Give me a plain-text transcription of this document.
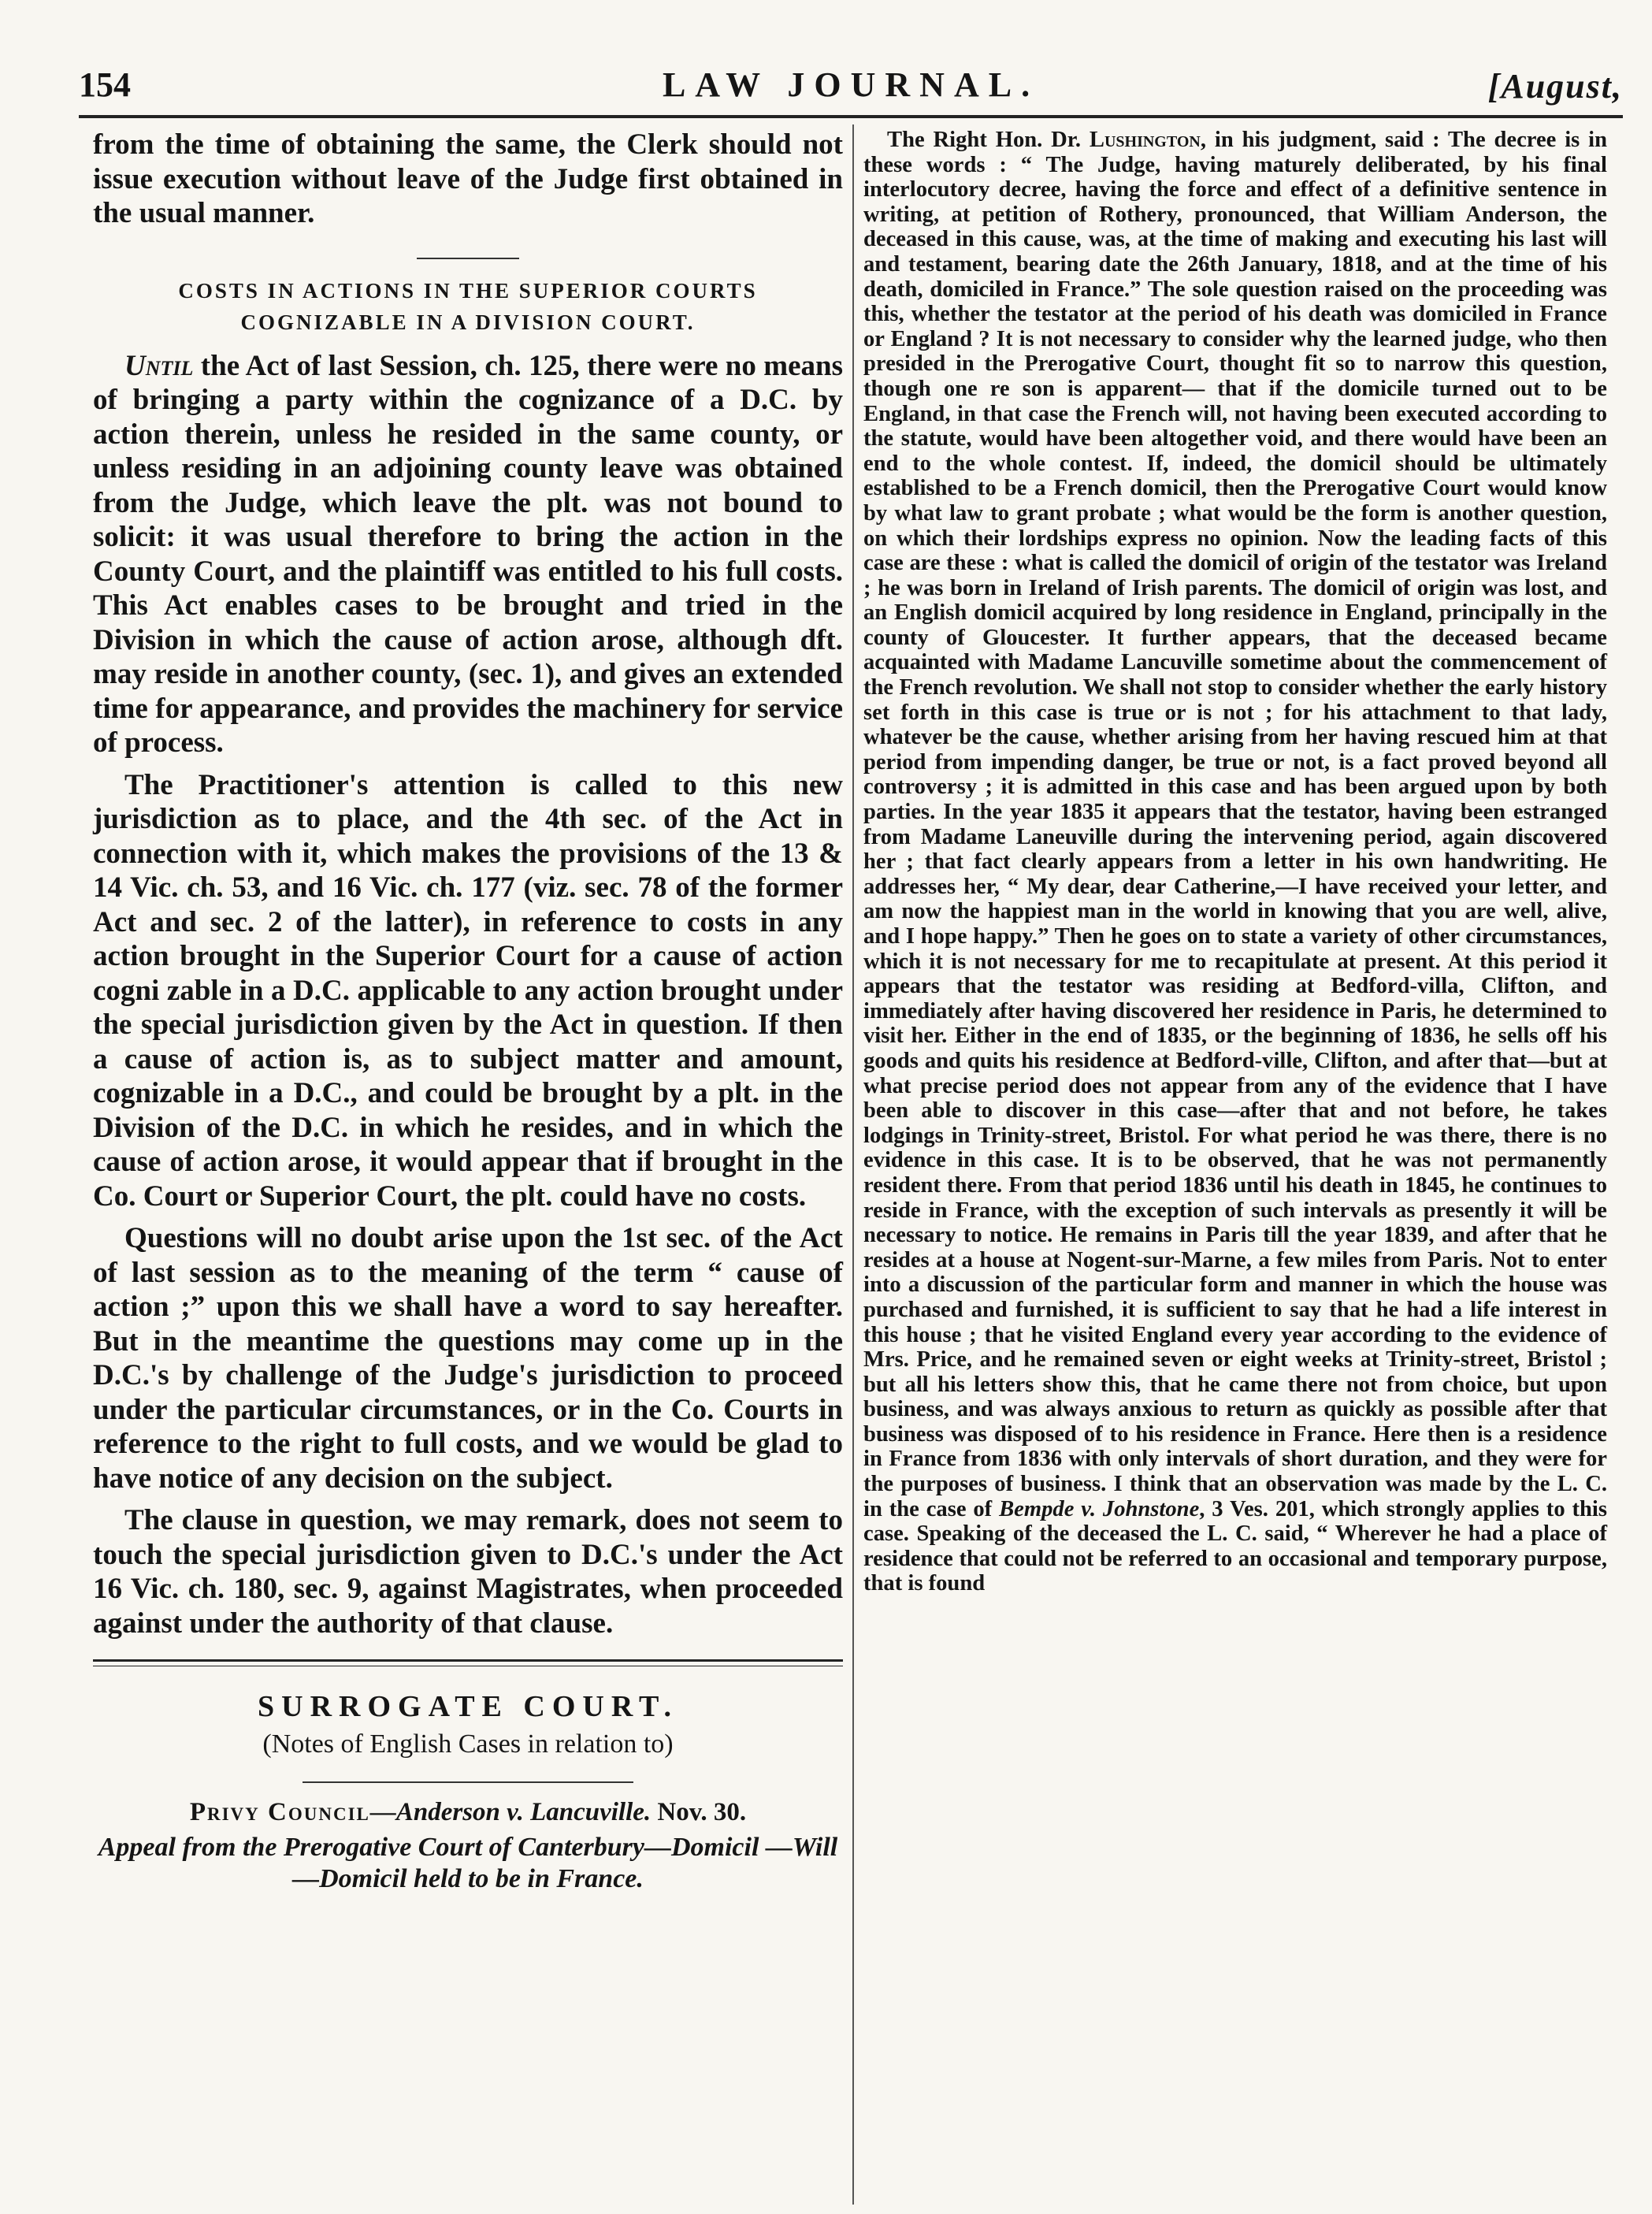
154	LAW JOURNAL.	[August,

from the time of obtaining the same, the Clerk should not issue execution without leave of the Judge first obtained in the usual manner.

COSTS IN ACTIONS IN THE SUPERIOR COURTS
COGNIZABLE IN A DIVISION COURT.

Until the Act of last Session, ch. 125, there were no means of bringing a party within the cognizance of a D.C. by action therein, unless he resided in the same county, or unless residing in an adjoining county leave was obtained from the Judge, which leave the plt. was not bound to solicit: it was usual therefore to bring the action in the County Court, and the plaintiff was entitled to his full costs. This Act enables cases to be brought and tried in the Division in which the cause of action arose, although dft. may reside in another county, (sec. 1), and gives an extended time for appearance, and provides the machinery for service of process.

The Practitioner's attention is called to this new jurisdiction as to place, and the 4th sec. of the Act in connection with it, which makes the provisions of the 13 & 14 Vic. ch. 53, and 16 Vic. ch. 177 (viz. sec. 78 of the former Act and sec. 2 of the latter), in reference to costs in any action brought in the Superior Court for a cause of action cogni zable in a D.C. applicable to any action brought under the special jurisdiction given by the Act in question. If then a cause of action is, as to subject matter and amount, cognizable in a D.C., and could be brought by a plt. in the Division of the D.C. in which he resides, and in which the cause of action arose, it would appear that if brought in the Co. Court or Superior Court, the plt. could have no costs.

Questions will no doubt arise upon the 1st sec. of the Act of last session as to the meaning of the term “ cause of action ;” upon this we shall have a word to say hereafter. But in the meantime the questions may come up in the D.C.'s by challenge of the Judge's jurisdiction to proceed under the particular circumstances, or in the Co. Courts in reference to the right to full costs, and we would be glad to have notice of any decision on the subject.

The clause in question, we may remark, does not seem to touch the special jurisdiction given to D.C.'s under the Act 16 Vic. ch. 180, sec. 9, against Magistrates, when proceeded against under the authority of that clause.

SURROGATE COURT.
(Notes of English Cases in relation to)
Privy Council—Anderson v. Lancuville. Nov. 30.
Appeal from the Prerogative Court of Canterbury—Domicil —Will—Domicil held to be in France.

The Right Hon. Dr. Lushington, in his judgment, said : The decree is in these words : “ The Judge, having maturely deliberated, by his final interlocutory decree, having the force and effect of a definitive sentence in writing, at petition of Rothery, pronounced, that William Anderson, the deceased in this cause, was, at the time of making and executing his last will and testament, bearing date the 26th January, 1818, and at the time of his death, domiciled in France.” The sole question raised on the proceeding was this, whether the testator at the period of his death was domiciled in France or England ? It is not necessary to consider why the learned judge, who then presided in the Prerogative Court, thought fit so to narrow this question, though one re son is apparent— that if the domicile turned out to be England, in that case the French will, not having been executed according to the statute, would have been altogether void, and there would have been an end to the whole contest. If, indeed, the domicil should be ultimately established to be a French domicil, then the Prerogative Court would know by what law to grant probate ; what would be the form is another question, on which their lordships express no opinion. Now the leading facts of this case are these : what is called the domicil of origin of the testator was Ireland ; he was born in Ireland of Irish parents. The domicil of origin was lost, and an English domicil acquired by long residence in England, principally in the county of Gloucester. It further appears, that the deceased became acquainted with Madame Lancuville sometime about the commencement of the French revolution. We shall not stop to consider whether the early history set forth in this case is true or is not ; for his attachment to that lady, whatever be the cause, whether arising from her having rescued him at that period from impending danger, be true or not, is a fact proved beyond all controversy ; it is admitted in this case and has been argued upon by both parties. In the year 1835 it appears that the testator, having been estranged from Madame Laneuville during the intervening period, again discovered her ; that fact clearly appears from a letter in his own handwriting. He addresses her, “ My dear, dear Catherine,—I have received your letter, and am now the happiest man in the world in knowing that you are well, alive, and I hope happy.” Then he goes on to state a variety of other circumstances, which it is not necessary for me to recapitulate at present. At this period it appears that the testator was residing at Bedford-villa, Clifton, and immediately after having discovered her residence in Paris, he determined to visit her. Either in the end of 1835, or the beginning of 1836, he sells off his goods and quits his residence at Bedford-ville, Clifton, and after that—but at what precise period does not appear from any of the evidence that I have been able to discover in this case—after that and not before, he takes lodgings in Trinity-street, Bristol. For what period he was there, there is no evidence in this case. It is to be observed, that he was not permanently resident there. From that period 1836 until his death in 1845, he continues to reside in France, with the exception of such intervals as presently it will be necessary to notice. He remains in Paris till the year 1839, and after that he resides at a house at Nogent-sur-Marne, a few miles from Paris. Not to enter into a discussion of the particular form and manner in which the house was purchased and furnished, it is sufficient to say that he had a life interest in this house ; that he visited England every year according to the evidence of Mrs. Price, and he remained seven or eight weeks at Trinity-street, Bristol ; but all his letters show this, that he came there not from choice, but upon business, and was always anxious to return as quickly as possible after that business was disposed of to his residence in France. Here then is a residence in France from 1836 with only intervals of short duration, and they were for the purposes of business. I think that an observation was made by the L. C. in the case of Bempde v. Johnstone, 3 Ves. 201, which strongly applies to this case. Speaking of the deceased the L. C. said, “ Wherever he had a place of residence that could not be referred to an occasional and temporary purpose, that is found
